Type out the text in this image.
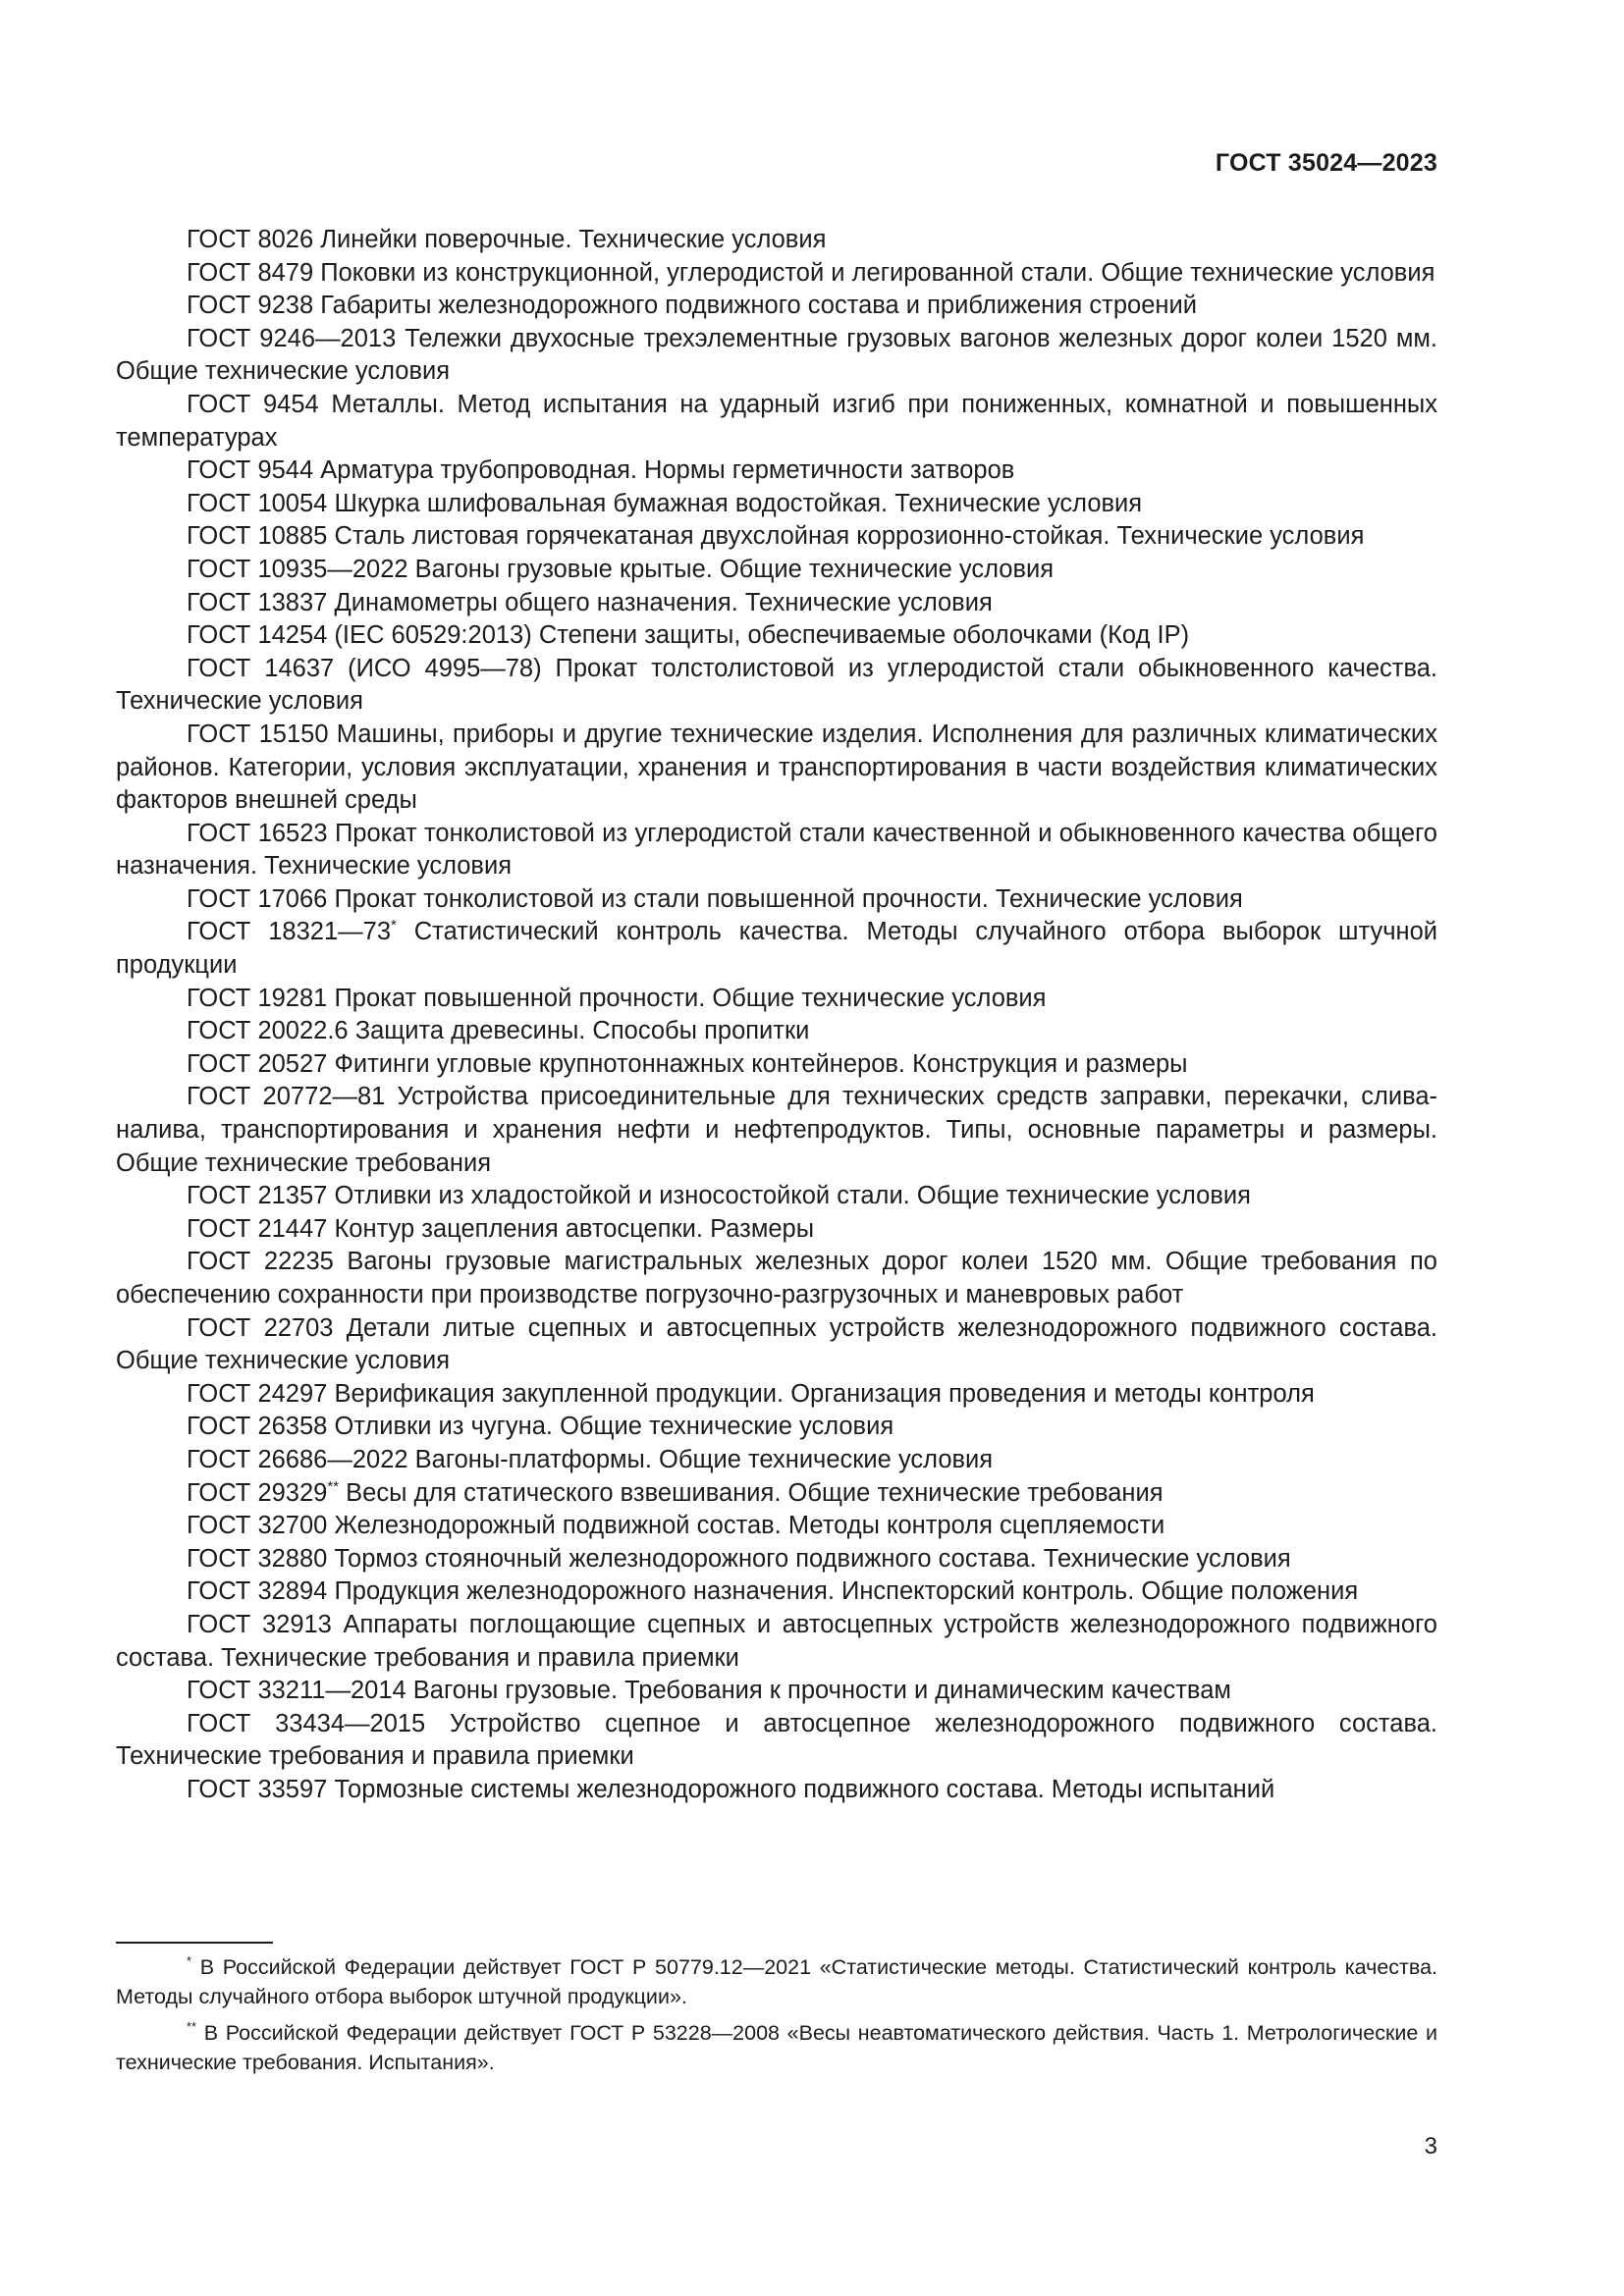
ГОСТ 35024—2023

ГОСТ 8026 Линейки поверочные. Технические условия

ГОСТ 8479 Поковки из конструкционной, углеродистой и легированной стали. Общие технические условия

ГОСТ 9238 Габариты железнодорожного подвижного состава и приближения строений

ГОСТ 9246—2013 Тележки двухосные трехэлементные грузовых вагонов железных дорог колеи 1520 мм. Общие технические условия

ГОСТ 9454 Металлы. Метод испытания на ударный изгиб при пониженных, комнатной и повышенных температурах

ГОСТ 9544 Арматура трубопроводная. Нормы герметичности затворов

ГОСТ 10054 Шкурка шлифовальная бумажная водостойкая. Технические условия

ГОСТ 10885 Сталь листовая горячекатаная двухслойная коррозионно-стойкая. Технические условия

ГОСТ 10935—2022 Вагоны грузовые крытые. Общие технические условия

ГОСТ 13837 Динамометры общего назначения. Технические условия

ГОСТ 14254 (IEC 60529:2013) Степени защиты, обеспечиваемые оболочками (Код IP)

ГОСТ 14637 (ИСО 4995—78) Прокат толстолистовой из углеродистой стали обыкновенного качества. Технические условия

ГОСТ 15150 Машины, приборы и другие технические изделия. Исполнения для различных климатических районов. Категории, условия эксплуатации, хранения и транспортирования в части воздействия климатических факторов внешней среды

ГОСТ 16523 Прокат тонколистовой из углеродистой стали качественной и обыкновенного качества общего назначения. Технические условия

ГОСТ 17066 Прокат тонколистовой из стали повышенной прочности. Технические условия

ГОСТ 18321—73* Статистический контроль качества. Методы случайного отбора выборок штучной продукции

ГОСТ 19281 Прокат повышенной прочности. Общие технические условия

ГОСТ 20022.6 Защита древесины. Способы пропитки

ГОСТ 20527 Фитинги угловые крупнотоннажных контейнеров. Конструкция и размеры

ГОСТ 20772—81 Устройства присоединительные для технических средств заправки, перекачки, слива-налива, транспортирования и хранения нефти и нефтепродуктов. Типы, основные параметры и размеры. Общие технические требования

ГОСТ 21357 Отливки из хладостойкой и износостойкой стали. Общие технические условия

ГОСТ 21447 Контур зацепления автосцепки. Размеры

ГОСТ 22235 Вагоны грузовые магистральных железных дорог колеи 1520 мм. Общие требования по обеспечению сохранности при производстве погрузочно-разгрузочных и маневровых работ

ГОСТ 22703 Детали литые сцепных и автосцепных устройств железнодорожного подвижного состава. Общие технические условия

ГОСТ 24297 Верификация закупленной продукции. Организация проведения и методы контроля

ГОСТ 26358 Отливки из чугуна. Общие технические условия

ГОСТ 26686—2022 Вагоны-платформы. Общие технические условия

ГОСТ 29329** Весы для статического взвешивания. Общие технические требования

ГОСТ 32700 Железнодорожный подвижной состав. Методы контроля сцепляемости

ГОСТ 32880 Тормоз стояночный железнодорожного подвижного состава. Технические условия

ГОСТ 32894 Продукция железнодорожного назначения. Инспекторский контроль. Общие положения

ГОСТ 32913 Аппараты поглощающие сцепных и автосцепных устройств железнодорожного подвижного состава. Технические требования и правила приемки

ГОСТ 33211—2014 Вагоны грузовые. Требования к прочности и динамическим качествам

ГОСТ 33434—2015 Устройство сцепное и автосцепное железнодорожного подвижного состава. Технические требования и правила приемки

ГОСТ 33597 Тормозные системы железнодорожного подвижного состава. Методы испытаний

* В Российской Федерации действует ГОСТ Р 50779.12—2021 «Статистические методы. Статистический контроль качества. Методы случайного отбора выборок штучной продукции».

** В Российской Федерации действует ГОСТ Р 53228—2008 «Весы неавтоматического действия. Часть 1. Метрологические и технические требования. Испытания».

3
